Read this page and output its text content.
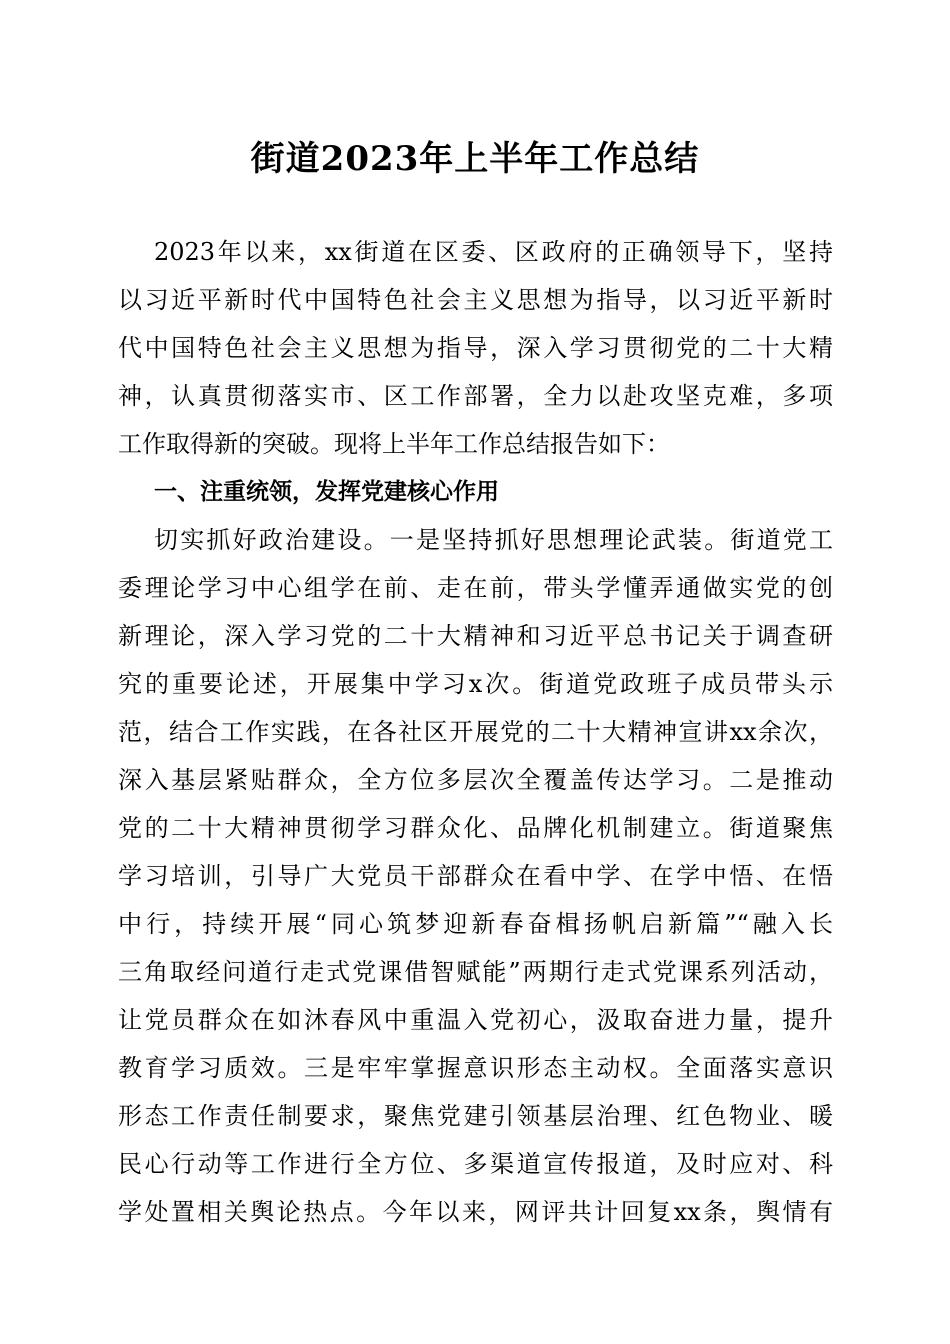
街道2023年上半年工作总结

2023年以来，xx街道在区委、区政府的正确领导下，坚持

以习近平新时代中国特色社会主义思想为指导，以习近平新时

代中国特色社会主义思想为指导，深入学习贯彻党的二十大精

神，认真贯彻落实市、区工作部署，全力以赴攻坚克难，多项

工作取得新的突破。现将上半年工作总结报告如下：

一、注重统领，发挥党建核心作用

切实抓好政治建设。一是坚持抓好思想理论武装。街道党工

委理论学习中心组学在前、走在前，带头学懂弄通做实党的创

新理论，深入学习党的二十大精神和习近平总书记关于调查研

究的重要论述，开展集中学习x次。街道党政班子成员带头示

范，结合工作实践，在各社区开展党的二十大精神宣讲xx余次，

深入基层紧贴群众，全方位多层次全覆盖传达学习。二是推动

党的二十大精神贯彻学习群众化、品牌化机制建立。街道聚焦

学习培训，引导广大党员干部群众在看中学、在学中悟、在悟

中行，持续开展“同心筑梦迎新春奋楫扬帆启新篇”“融入长

三角取经问道行走式党课借智赋能”两期行走式党课系列活动，

让党员群众在如沐春风中重温入党初心，汲取奋进力量，提升

教育学习质效。三是牢牢掌握意识形态主动权。全面落实意识

形态工作责任制要求，聚焦党建引领基层治理、红色物业、暖

民心行动等工作进行全方位、多渠道宣传报道，及时应对、科

学处置相关舆论热点。今年以来，网评共计回复xx条，舆情有
